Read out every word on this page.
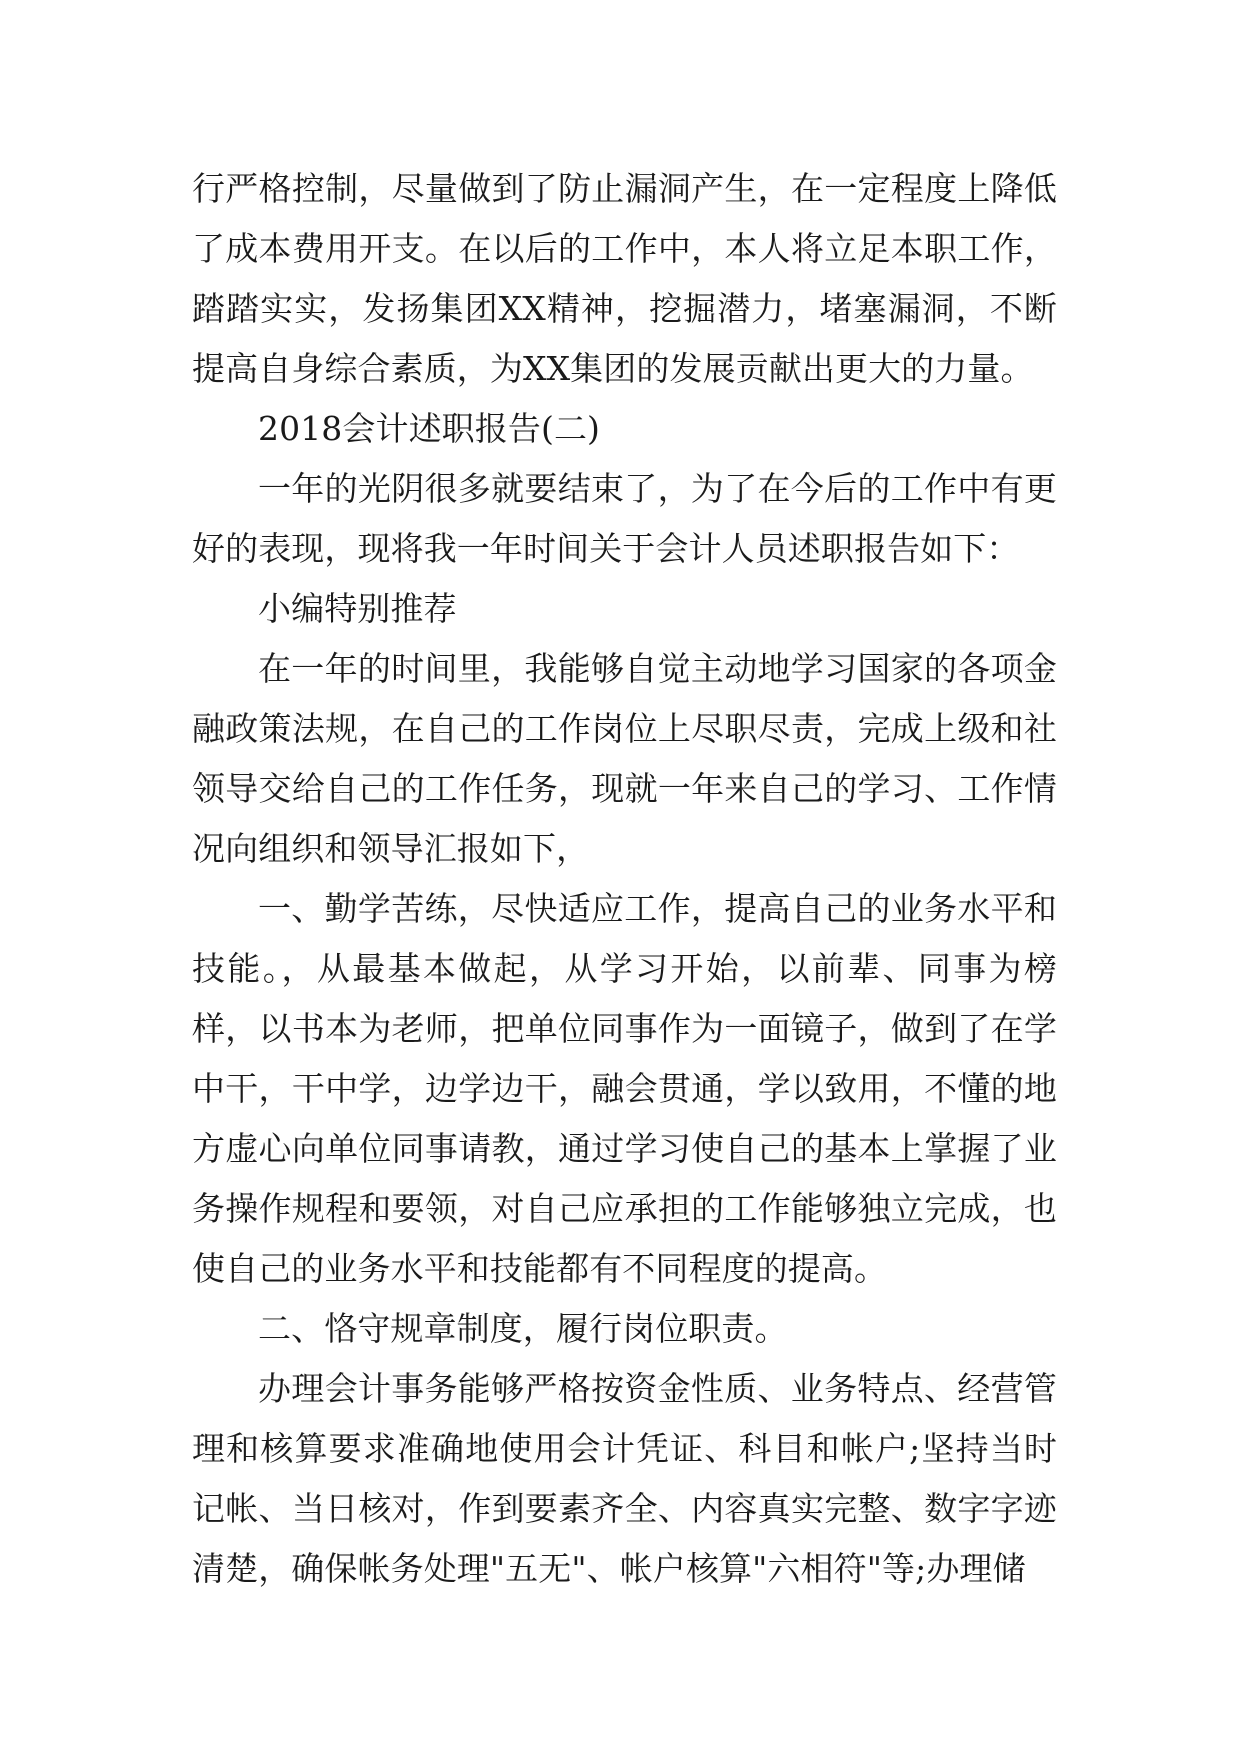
行严格控制，尽量做到了防止漏洞产生，在一定程度上降低了成本费用开支。在以后的工作中，本人将立足本职工作，踏踏实实，发扬集团XX精神，挖掘潜力，堵塞漏洞，不断提高自身综合素质，为XX集团的发展贡献出更大的力量。

2018会计述职报告(二)

一年的光阴很多就要结束了，为了在今后的工作中有更好的表现，现将我一年时间关于会计人员述职报告如下：

小编特别推荐

在一年的时间里，我能够自觉主动地学习国家的各项金融政策法规，在自己的工作岗位上尽职尽责，完成上级和社领导交给自己的工作任务，现就一年来自己的学习、工作情况向组织和领导汇报如下，

一、勤学苦练，尽快适应工作，提高自己的业务水平和技能。，从最基本做起，从学习开始，以前辈、同事为榜样，以书本为老师，把单位同事作为一面镜子，做到了在学中干，干中学，边学边干，融会贯通，学以致用，不懂的地方虚心向单位同事请教，通过学习使自己的基本上掌握了业务操作规程和要领，对自己应承担的工作能够独立完成，也使自己的业务水平和技能都有不同程度的提高。

二、恪守规章制度，履行岗位职责。

办理会计事务能够严格按资金性质、业务特点、经营管理和核算要求准确地使用会计凭证、科目和帐户;坚持当时记帐、当日核对，作到要素齐全、内容真实完整、数字字迹清楚，确保帐务处理"五无"、帐户核算"六相符"等;办理储
